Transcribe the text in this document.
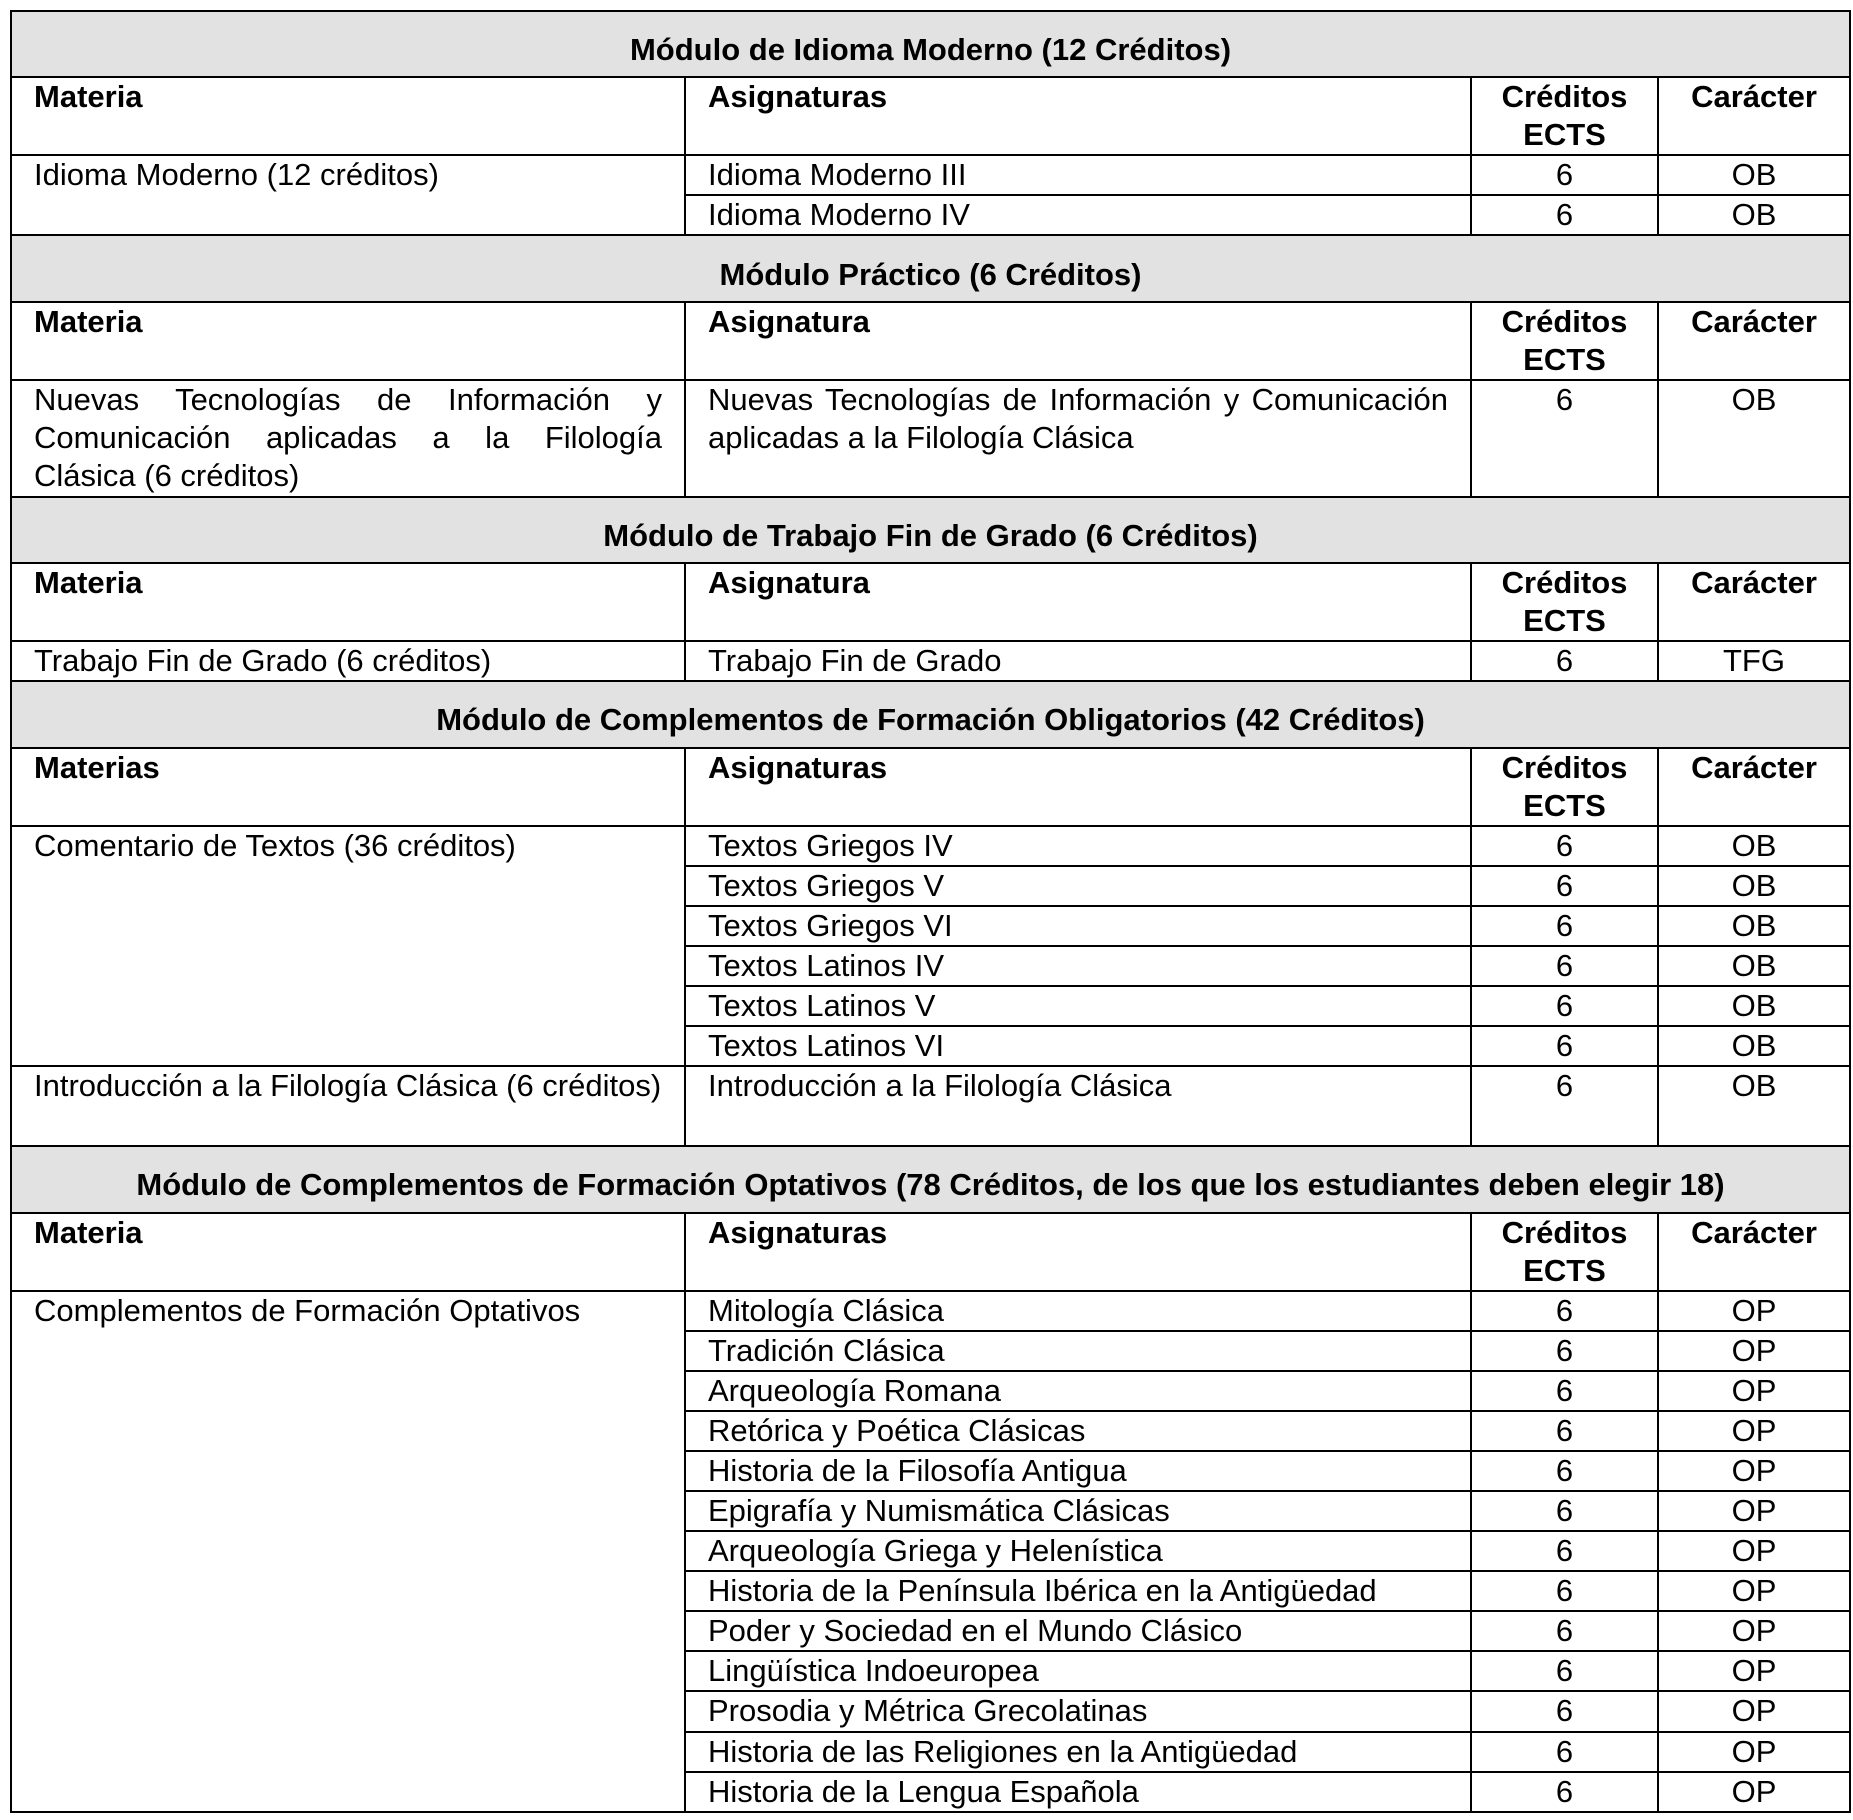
Módulo de Idioma Moderno (12 Créditos)			
Materia	Asignaturas	Créditos ECTS	Carácter
Idioma Moderno (12 créditos)	Idioma Moderno III	6	OB
	Idioma Moderno IV	6	OB
Módulo Práctico (6 Créditos)			
Materia	Asignatura	Créditos ECTS	Carácter
Nuevas Tecnologías de Información y Comunicación aplicadas a la Filología Clásica (6 créditos)	Nuevas Tecnologías de Información y Comunicación aplicadas a la Filología Clásica	6	OB
Módulo de Trabajo Fin de Grado (6 Créditos)			
Materia	Asignatura	Créditos ECTS	Carácter
Trabajo Fin de Grado (6 créditos)	Trabajo Fin de Grado	6	TFG
Módulo de Complementos de Formación Obligatorios (42 Créditos)			
Materias	Asignaturas	Créditos ECTS	Carácter
Comentario de Textos (36 créditos)	Textos Griegos IV	6	OB
	Textos Griegos V	6	OB
	Textos Griegos VI	6	OB
	Textos Latinos IV	6	OB
	Textos Latinos V	6	OB
	Textos Latinos VI	6	OB
Introducción a la Filología Clásica (6 créditos)	Introducción a la Filología Clásica	6	OB
Módulo de Complementos de Formación Optativos (78 Créditos, de los que los estudiantes deben elegir 18)			
Materia	Asignaturas	Créditos ECTS	Carácter
Complementos de Formación Optativos	Mitología Clásica	6	OP
	Tradición Clásica	6	OP
	Arqueología Romana	6	OP
	Retórica y Poética Clásicas	6	OP
	Historia de la Filosofía Antigua	6	OP
	Epigrafía y Numismática Clásicas	6	OP
	Arqueología Griega y Helenística	6	OP
	Historia de la Península Ibérica en la Antigüedad	6	OP
	Poder y Sociedad en el Mundo Clásico	6	OP
	Lingüística Indoeuropea	6	OP
	Prosodia y Métrica Grecolatinas	6	OP
	Historia de las Religiones en la Antigüedad	6	OP
	Historia de la Lengua Española	6	OP
